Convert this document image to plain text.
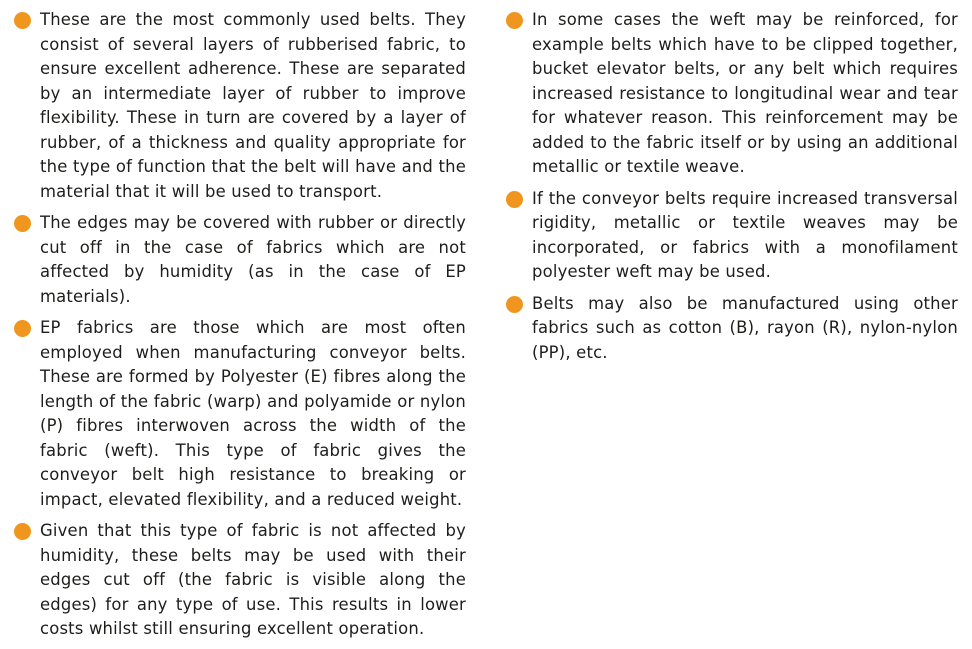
These are the most commonly used belts. They consist of several layers of rubberised fabric, to ensure excellent adherence. These are separated by an intermediate layer of rubber to improve flexibility. These in turn are covered by a layer of rubber, of a thickness and quality appropriate for the type of function that the belt will have and the material that it will be used to transport.
The edges may be covered with rubber or directly cut off in the case of fabrics which are not affected by humidity (as in the case of EP materials).
EP fabrics are those which are most often employed when manufacturing conveyor belts. These are formed by Polyester (E) fibres along the length of the fabric (warp) and polyamide or nylon (P) fibres interwoven across the width of the fabric (weft). This type of fabric gives the conveyor belt high resistance to breaking or impact, elevated flexibility, and a reduced weight.
Given that this type of fabric is not affected by humidity, these belts may be used with their edges cut off (the fabric is visible along the edges) for any type of use. This results in lower costs whilst still ensuring excellent operation.
In some cases the weft may be reinforced, for example belts which have to be clipped together, bucket elevator belts, or any belt which requires increased resistance to longitudinal wear and tear for whatever reason. This reinforcement may be added to the fabric itself or by using an additional metallic or textile weave.
If the conveyor belts require increased transversal rigidity, metallic or textile weaves may be incorporated, or fabrics with a monofilament polyester weft may be used.
Belts may also be manufactured using other fabrics such as cotton (B), rayon (R), nylon-nylon (PP), etc.
